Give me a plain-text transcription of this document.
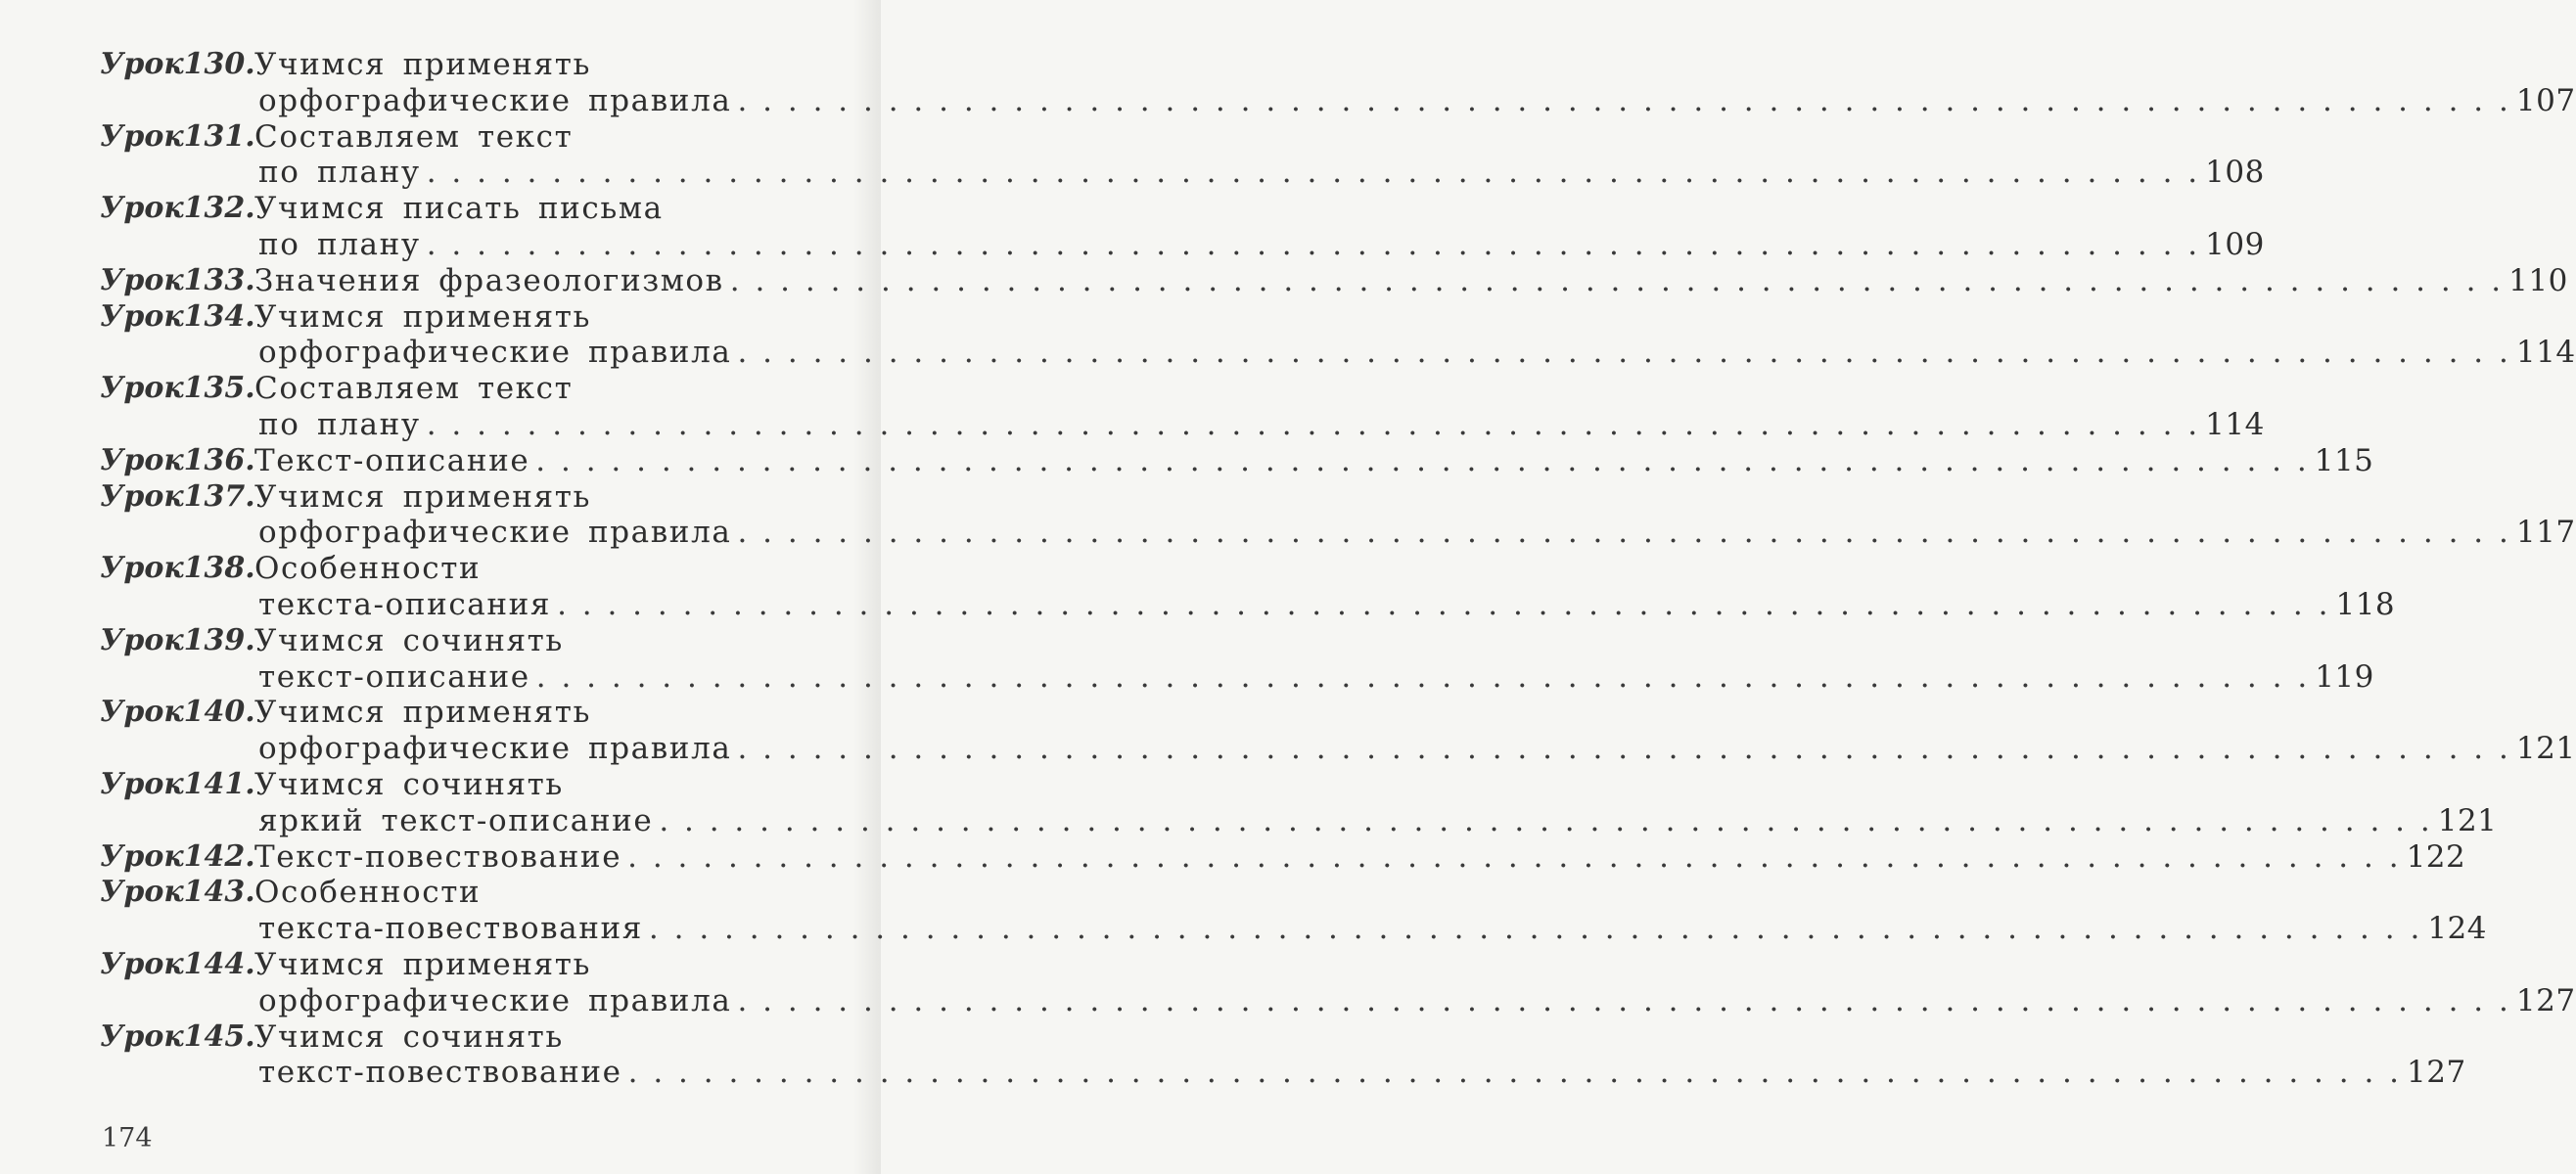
Урок 130. Учимся применять
орфографические правила . . .	107
Урок 131. Составляем текст
по плану . . .	108
Урок 132. Учимся писать письма
по плану . . .	109
Урок 133. Значения фразеологизмов . . .	110
Урок 134. Учимся применять
орфографические правила . . .	114
Урок 135. Составляем текст
по плану . . .	114
Урок 136. Текст-описание . . .	115
Урок 137. Учимся применять
орфографические правила . . .	117
Урок 138. Особенности
текста-описания . . .	118
Урок 139. Учимся сочинять
текст-описание . . .	119
Урок 140. Учимся применять
орфографические правила . . .	121
Урок 141. Учимся сочинять
яркий текст-описание . . .	121
Урок 142. Текст-повествование . . .	122
Урок 143. Особенности
текста-повествования . . .	124
Урок 144. Учимся применять
орфографические правила . . .	127
Урок 145. Учимся сочинять
текст-повествование . . .	127
174
